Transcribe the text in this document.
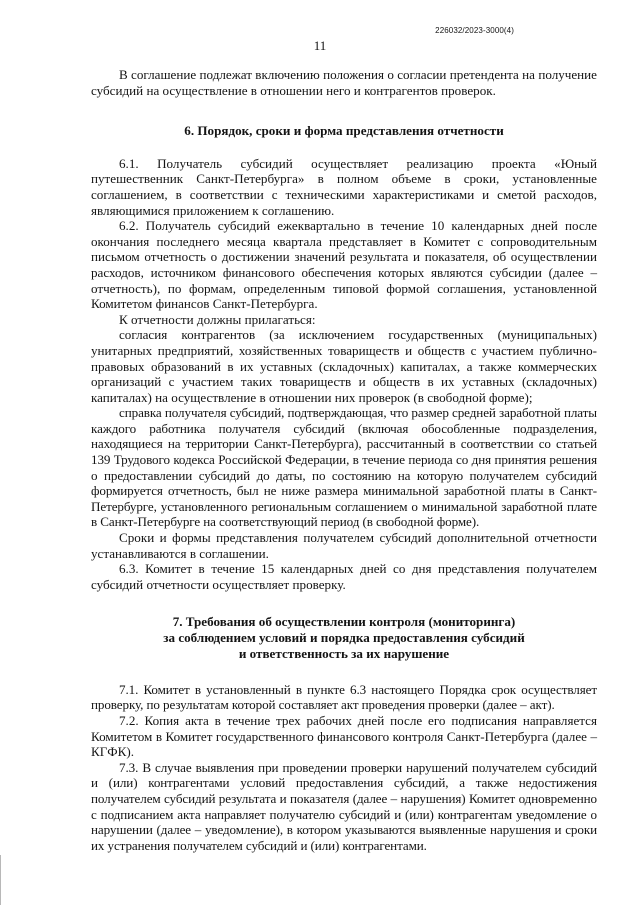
226032/2023-3000(4)
11

В соглашение подлежат включению положения о согласии претендента на получение субсидий на осуществление в отношении него и контрагентов проверок.

6. Порядок, сроки и форма представления отчетности

6.1. Получатель субсидий осуществляет реализацию проекта «Юный путешественник Санкт-Петербурга» в полном объеме в сроки, установленные соглашением, в соответствии с техническими характеристиками и сметой расходов, являющимися приложением к соглашению.

6.2. Получатель субсидий ежеквартально в течение 10 календарных дней после окончания последнего месяца квартала представляет в Комитет с сопроводительным письмом отчетность о достижении значений результата и показателя, об осуществлении расходов, источником финансового обеспечения которых являются субсидии (далее – отчетность), по формам, определенным типовой формой соглашения, установленной Комитетом финансов Санкт-Петербурга.

К отчетности должны прилагаться:

согласия контрагентов (за исключением государственных (муниципальных) унитарных предприятий, хозяйственных товариществ и обществ с участием публично-правовых образований в их уставных (складочных) капиталах, а также коммерческих организаций с участием таких товариществ и обществ в их уставных (складочных) капиталах) на осуществление в отношении них проверок (в свободной форме);

справка получателя субсидий, подтверждающая, что размер средней заработной платы каждого работника получателя субсидий (включая обособленные подразделения, находящиеся на территории Санкт-Петербурга), рассчитанный в соответствии со статьей 139 Трудового кодекса Российской Федерации, в течение периода со дня принятия решения о предоставлении субсидий до даты, по состоянию на которую получателем субсидий формируется отчетность, был не ниже размера минимальной заработной платы в Санкт-Петербурге, установленного региональным соглашением о минимальной заработной плате в Санкт-Петербурге на соответствующий период (в свободной форме).

Сроки и формы представления получателем субсидий дополнительной отчетности устанавливаются в соглашении.

6.3. Комитет в течение 15 календарных дней со дня представления получателем субсидий отчетности осуществляет проверку.

7. Требования об осуществлении контроля (мониторинга)
за соблюдением условий и порядка предоставления субсидий
и ответственность за их нарушение

7.1. Комитет в установленный в пункте 6.3 настоящего Порядка срок осуществляет проверку, по результатам которой составляет акт проведения проверки (далее – акт).

7.2. Копия акта в течение трех рабочих дней после его подписания направляется Комитетом в Комитет государственного финансового контроля Санкт-Петербурга (далее – КГФК).

7.3. В случае выявления при проведении проверки нарушений получателем субсидий и (или) контрагентами условий предоставления субсидий, а также недостижения получателем субсидий результата и показателя (далее – нарушения) Комитет одновременно с подписанием акта направляет получателю субсидий и (или) контрагентам уведомление о нарушении (далее – уведомление), в котором указываются выявленные нарушения и сроки их устранения получателем субсидий и (или) контрагентами.
